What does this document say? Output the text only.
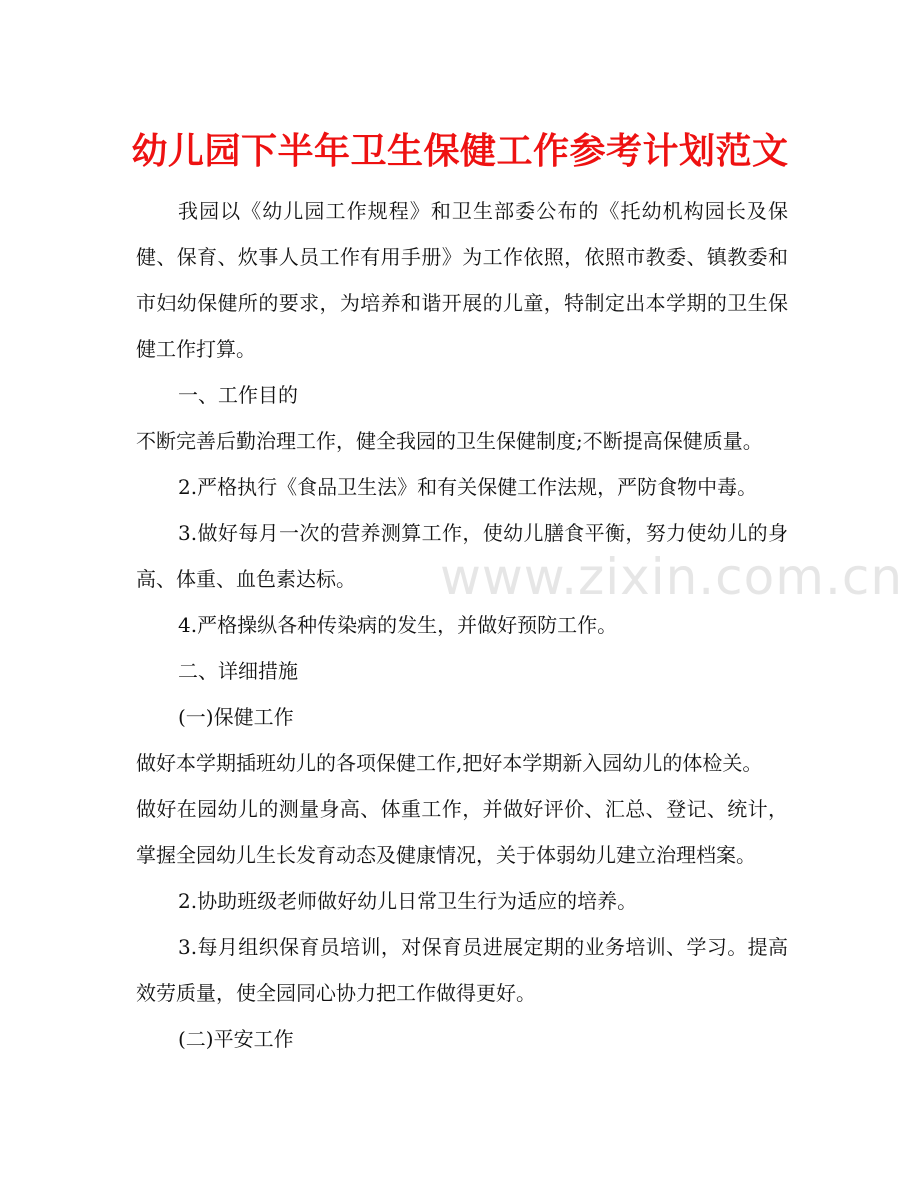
幼儿园下半年卫生保健工作参考计划范文

我园以《幼儿园工作规程》和卫生部委公布的《托幼机构园长及保健、保育、炊事人员工作有用手册》为工作依照，依照市教委、镇教委和市妇幼保健所的要求，为培养和谐开展的儿童，特制定出本学期的卫生保健工作打算。

一、工作目的

不断完善后勤治理工作，健全我园的卫生保健制度;不断提高保健质量。

2.严格执行《食品卫生法》和有关保健工作法规，严防食物中毒。

3.做好每月一次的营养测算工作，使幼儿膳食平衡，努力使幼儿的身高、体重、血色素达标。

4.严格操纵各种传染病的发生，并做好预防工作。

二、详细措施

(一)保健工作

做好本学期插班幼儿的各项保健工作,把好本学期新入园幼儿的体检关。

做好在园幼儿的测量身高、体重工作，并做好评价、汇总、登记、统计，掌握全园幼儿生长发育动态及健康情况，关于体弱幼儿建立治理档案。

2.协助班级老师做好幼儿日常卫生行为适应的培养。

3.每月组织保育员培训，对保育员进展定期的业务培训、学习。提高效劳质量，使全园同心协力把工作做得更好。

(二)平安工作

www.zixin.com.cn
